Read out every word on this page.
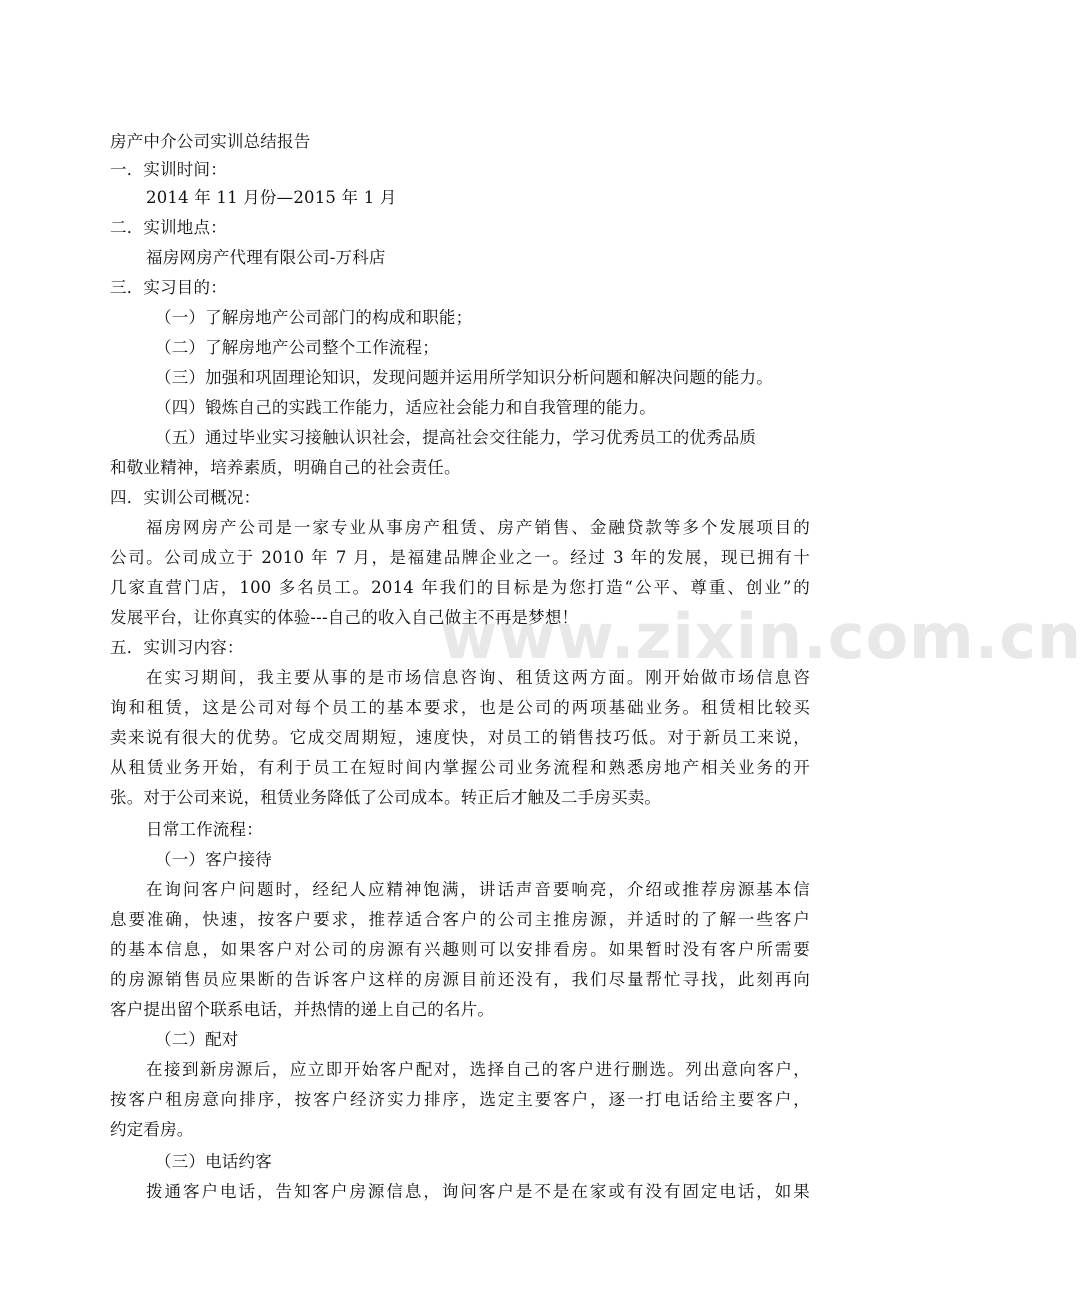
www.zixin.com.cn
房产中介公司实训总结报告
一．实训时间：
2014 年 11 月份—2015 年 1 月
二．实训地点：
福房网房产代理有限公司-万科店
三．实习目的：
（一）了解房地产公司部门的构成和职能；
（二）了解房地产公司整个工作流程；
（三）加强和巩固理论知识，发现问题并运用所学知识分析问题和解决问题的能力。
（四）锻炼自己的实践工作能力，适应社会能力和自我管理的能力。
（五）通过毕业实习接触认识社会，提高社会交往能力，学习优秀员工的优秀品质
和敬业精神，培养素质，明确自己的社会责任。
四．实训公司概况：
福房网房产公司是一家专业从事房产租赁、房产销售、金融贷款等多个发展项目的
公司。公司成立于 2010 年 7 月，是福建品牌企业之一。经过 3 年的发展，现已拥有十
几家直营门店，100 多名员工。2014 年我们的目标是为您打造“公平、尊重、创业”的
发展平台，让你真实的体验---自己的收入自己做主不再是梦想！
五．实训习内容：
在实习期间，我主要从事的是市场信息咨询、租赁这两方面。刚开始做市场信息咨
询和租赁，这是公司对每个员工的基本要求，也是公司的两项基础业务。租赁相比较买
卖来说有很大的优势。它成交周期短，速度快，对员工的销售技巧低。对于新员工来说，
从租赁业务开始，有利于员工在短时间内掌握公司业务流程和熟悉房地产相关业务的开
张。对于公司来说，租赁业务降低了公司成本。转正后才触及二手房买卖。
日常工作流程：
（一）客户接待
在询问客户问题时，经纪人应精神饱满，讲话声音要响亮，介绍或推荐房源基本信
息要准确，快速，按客户要求，推荐适合客户的公司主推房源，并适时的了解一些客户
的基本信息，如果客户对公司的房源有兴趣则可以安排看房。如果暂时没有客户所需要
的房源销售员应果断的告诉客户这样的房源目前还没有，我们尽量帮忙寻找，此刻再向
客户提出留个联系电话，并热情的递上自己的名片。
（二）配对
在接到新房源后，应立即开始客户配对，选择自己的客户进行删选。列出意向客户，
按客户租房意向排序，按客户经济实力排序，选定主要客户，逐一打电话给主要客户，
约定看房。
（三）电话约客
拨通客户电话，告知客户房源信息，询问客户是不是在家或有没有固定电话，如果
